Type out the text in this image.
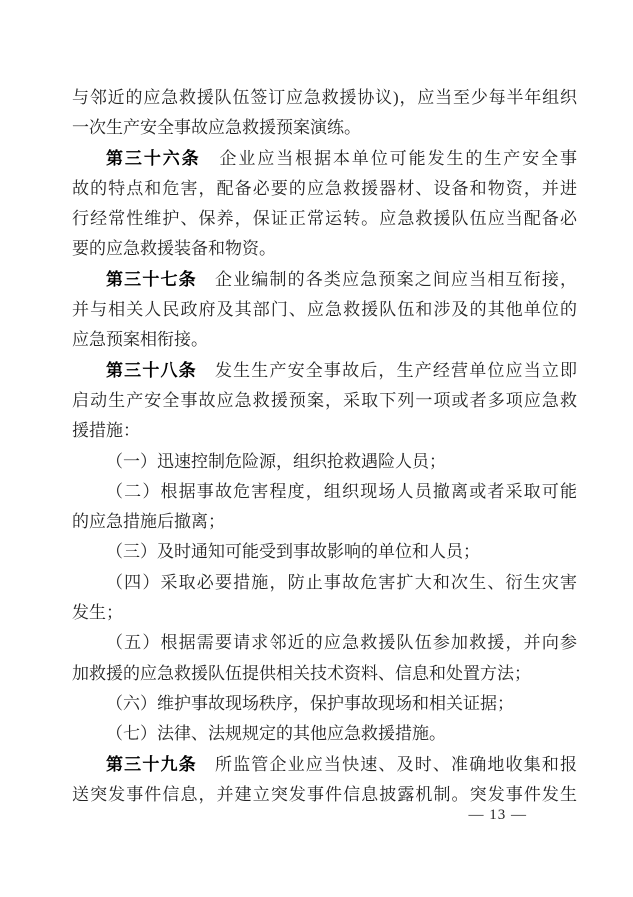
与邻近的应急救援队伍签订应急救援协议)，应当至少每半年组织
一次生产安全事故应急救援预案演练。
第三十六条　企业应当根据本单位可能发生的生产安全事
故的特点和危害，配备必要的应急救援器材、设备和物资，并进
行经常性维护、保养，保证正常运转。应急救援队伍应当配备必
要的应急救援装备和物资。
第三十七条　企业编制的各类应急预案之间应当相互衔接，
并与相关人民政府及其部门、应急救援队伍和涉及的其他单位的
应急预案相衔接。
第三十八条　发生生产安全事故后，生产经营单位应当立即
启动生产安全事故应急救援预案，采取下列一项或者多项应急救
援措施：
（一）迅速控制危险源，组织抢救遇险人员；
（二）根据事故危害程度，组织现场人员撤离或者采取可能
的应急措施后撤离；
（三）及时通知可能受到事故影响的单位和人员；
（四）采取必要措施，防止事故危害扩大和次生、衍生灾害
发生；
（五）根据需要请求邻近的应急救援队伍参加救援，并向参
加救援的应急救援队伍提供相关技术资料、信息和处置方法；
（六）维护事故现场秩序，保护事故现场和相关证据；
（七）法律、法规规定的其他应急救援措施。
第三十九条　所监管企业应当快速、及时、准确地收集和报
送突发事件信息，并建立突发事件信息披露机制。突发事件发生
— 13 —
